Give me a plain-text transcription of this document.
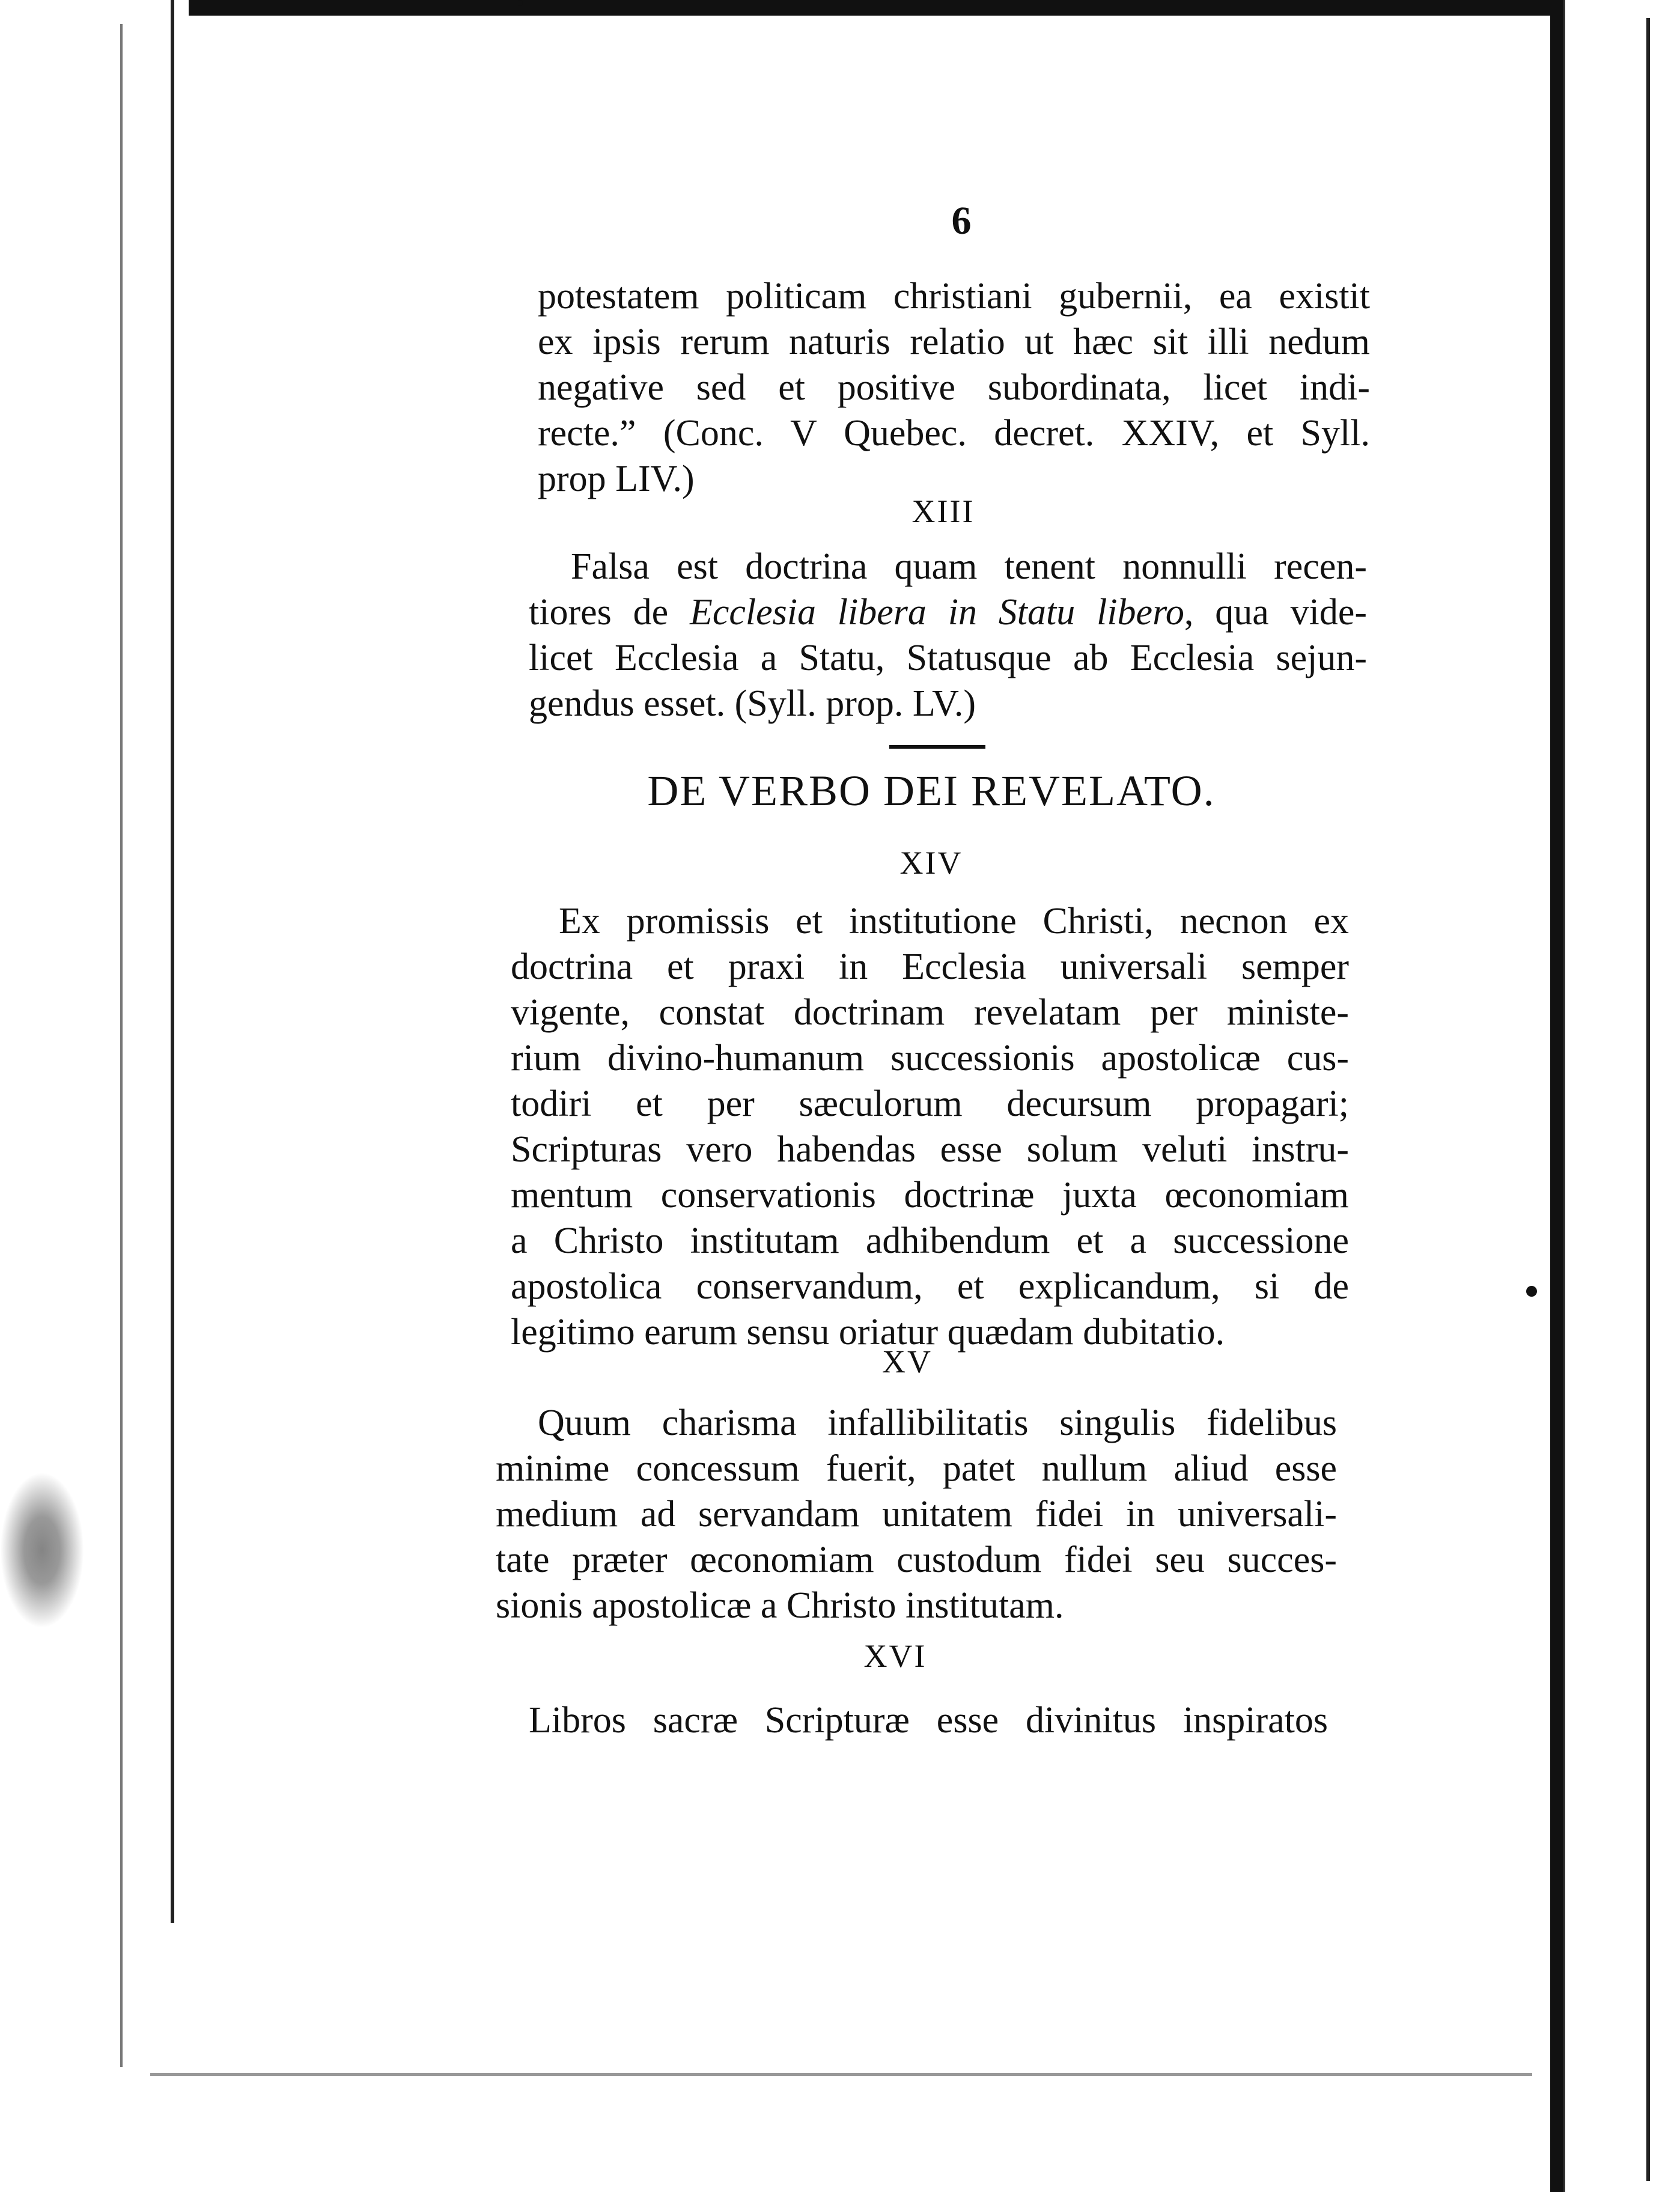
6
potestatem politicam christiani gubernii, ea existit
ex ipsis rerum naturis relatio ut hæc sit illi nedum
negative sed et positive subordinata, licet indi-
recte.” (Conc. V Quebec. decret. XXIV, et Syll.
prop LIV.)
XIII
Falsa est doctrina quam tenent nonnulli recen-
tiores de Ecclesia libera in Statu libero, qua vide-
licet Ecclesia a Statu, Statusque ab Ecclesia sejun-
gendus esset. (Syll. prop. LV.)
DE VERBO DEI REVELATO.
XIV
Ex promissis et institutione Christi, necnon ex
doctrina et praxi in Ecclesia universali semper
vigente, constat doctrinam revelatam per ministe-
rium divino-humanum successionis apostolicæ cus-
todiri et per sæculorum decursum propagari;
Scripturas vero habendas esse solum veluti instru-
mentum conservationis doctrinæ juxta œconomiam
a Christo institutam adhibendum et a successione
apostolica conservandum, et explicandum, si de
legitimo earum sensu oriatur quædam dubitatio.
XV
Quum charisma infallibilitatis singulis fidelibus
minime concessum fuerit, patet nullum aliud esse
medium ad servandam unitatem fidei in universali-
tate præter œconomiam custodum fidei seu succes-
sionis apostolicæ a Christo institutam.
XVI
Libros sacræ Scripturæ esse divinitus inspiratos
